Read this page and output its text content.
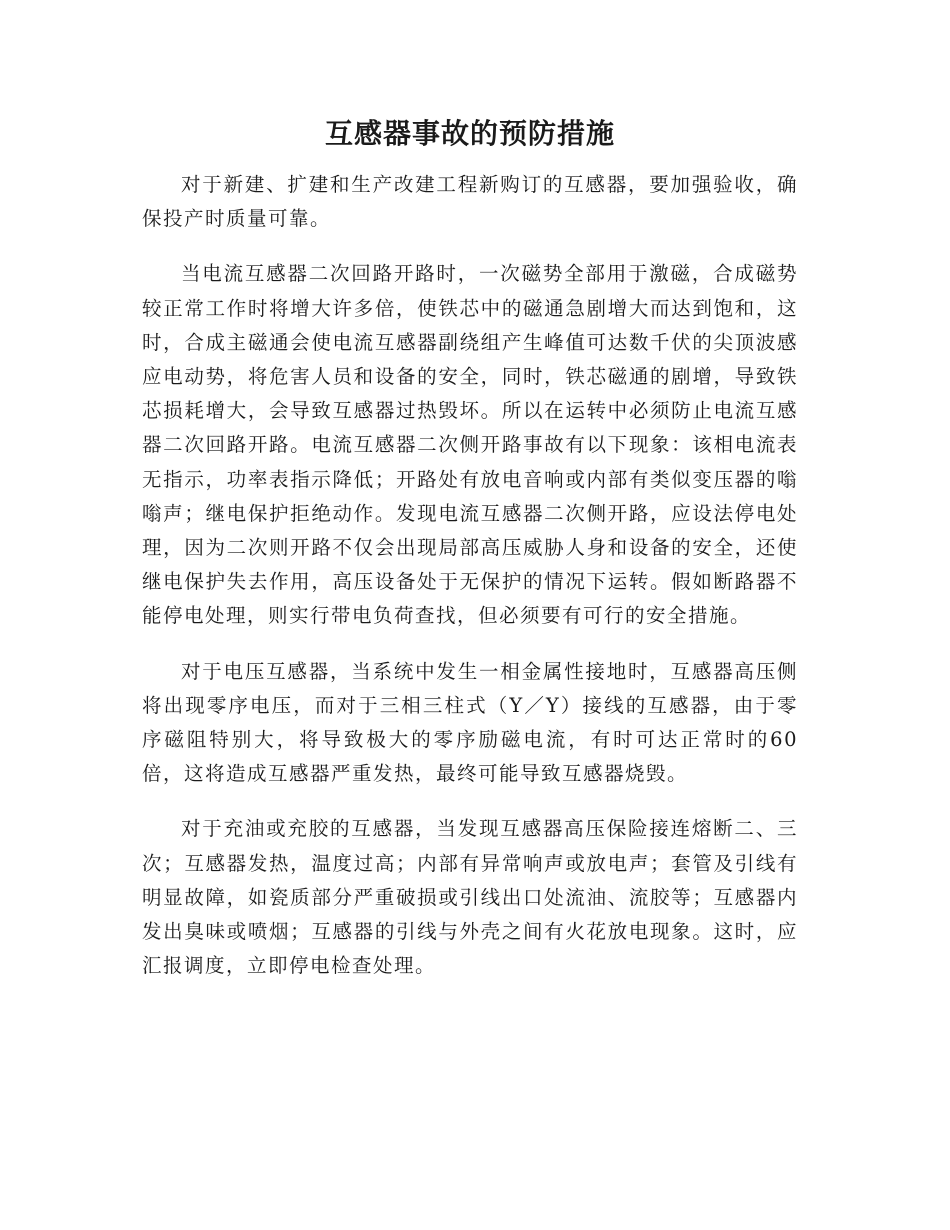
互感器事故的预防措施

对于新建、扩建和生产改建工程新购订的互感器，要加强验收，确保投产时质量可靠。

当电流互感器二次回路开路时，一次磁势全部用于激磁，合成磁势较正常工作时将增大许多倍，使铁芯中的磁通急剧增大而达到饱和，这时，合成主磁通会使电流互感器副绕组产生峰值可达数千伏的尖顶波感应电动势，将危害人员和设备的安全，同时，铁芯磁通的剧增，导致铁芯损耗增大，会导致互感器过热毁坏。所以在运转中必须防止电流互感器二次回路开路。电流互感器二次侧开路事故有以下现象：该相电流表无指示，功率表指示降低；开路处有放电音响或内部有类似变压器的嗡嗡声；继电保护拒绝动作。发现电流互感器二次侧开路，应设法停电处理，因为二次则开路不仅会出现局部高压威胁人身和设备的安全，还使继电保护失去作用，高压设备处于无保护的情况下运转。假如断路器不能停电处理，则实行带电负荷查找，但必须要有可行的安全措施。

对于电压互感器，当系统中发生一相金属性接地时，互感器高压侧将出现零序电压，而对于三相三柱式（Y／Y）接线的互感器，由于零序磁阻特别大，将导致极大的零序励磁电流，有时可达正常时的60倍，这将造成互感器严重发热，最终可能导致互感器烧毁。

对于充油或充胶的互感器，当发现互感器高压保险接连熔断二、三次；互感器发热，温度过高；内部有异常响声或放电声；套管及引线有明显故障，如瓷质部分严重破损或引线出口处流油、流胶等；互感器内发出臭味或喷烟；互感器的引线与外壳之间有火花放电现象。这时，应汇报调度，立即停电检查处理。
